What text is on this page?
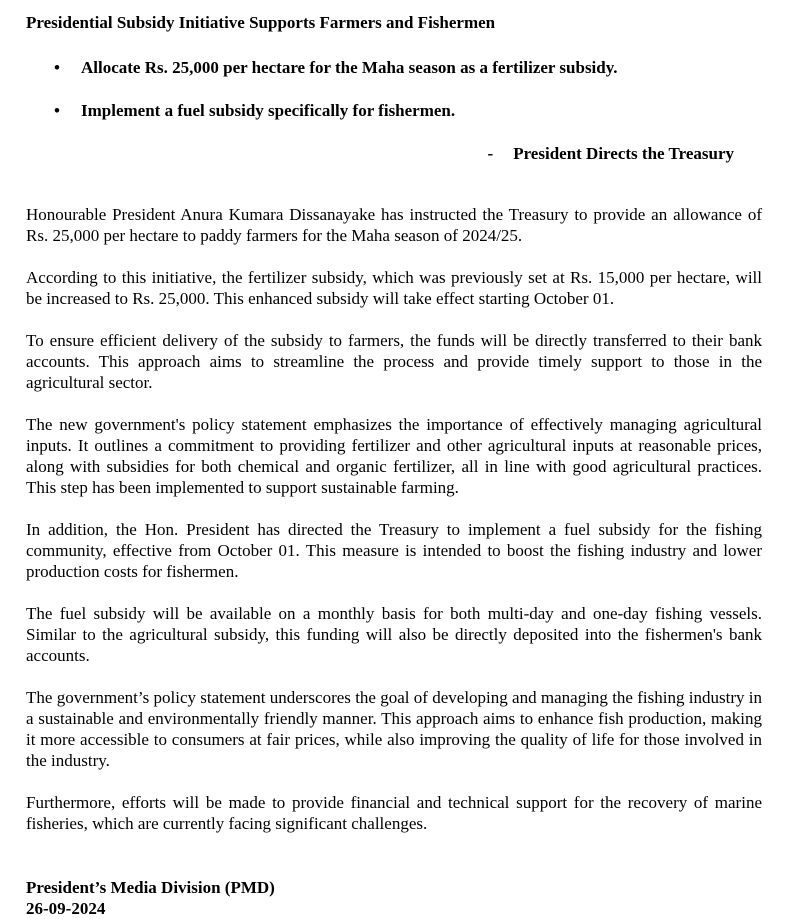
Presidential Subsidy Initiative Supports Farmers and Fishermen
• Allocate Rs. 25,000 per hectare for the Maha season as a fertilizer subsidy.
• Implement a fuel subsidy specifically for fishermen.
- President Directs the Treasury

Honourable President Anura Kumara Dissanayake has instructed the Treasury to provide an allowance of Rs. 25,000 per hectare to paddy farmers for the Maha season of 2024/25.

According to this initiative, the fertilizer subsidy, which was previously set at Rs. 15,000 per hectare, will be increased to Rs. 25,000. This enhanced subsidy will take effect starting October 01.

To ensure efficient delivery of the subsidy to farmers, the funds will be directly transferred to their bank accounts. This approach aims to streamline the process and provide timely support to those in the agricultural sector.

The new government's policy statement emphasizes the importance of effectively managing agricultural inputs. It outlines a commitment to providing fertilizer and other agricultural inputs at reasonable prices, along with subsidies for both chemical and organic fertilizer, all in line with good agricultural practices. This step has been implemented to support sustainable farming.

In addition, the Hon. President has directed the Treasury to implement a fuel subsidy for the fishing community, effective from October 01. This measure is intended to boost the fishing industry and lower production costs for fishermen.

The fuel subsidy will be available on a monthly basis for both multi-day and one-day fishing vessels. Similar to the agricultural subsidy, this funding will also be directly deposited into the fishermen's bank accounts.

The government’s policy statement underscores the goal of developing and managing the fishing industry in a sustainable and environmentally friendly manner. This approach aims to enhance fish production, making it more accessible to consumers at fair prices, while also improving the quality of life for those involved in the industry.

Furthermore, efforts will be made to provide financial and technical support for the recovery of marine fisheries, which are currently facing significant challenges.

President’s Media Division (PMD)
26-09-2024
